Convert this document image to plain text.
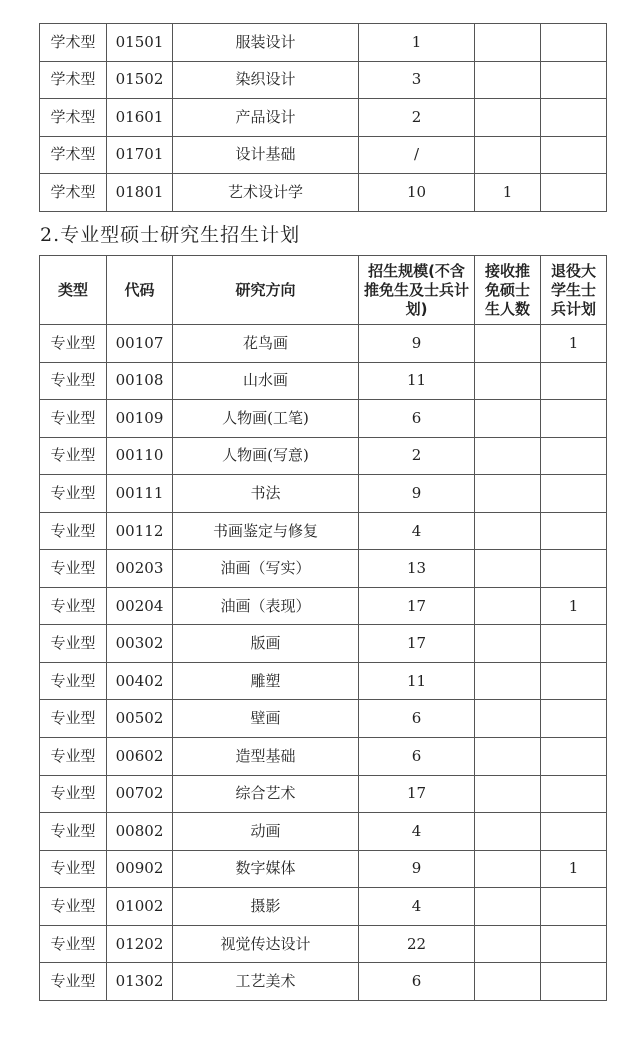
学术型	01501	服装设计	1		
学术型	01502	染织设计	3		
学术型	01601	产品设计	2		
学术型	01701	设计基础	/		
学术型	01801	艺术设计学	10	1	
2.专业型硕士研究生招生计划
类型	代码	研究方向	招生规模(不含推免生及士兵计划)	接收推免硕士生人数	退役大学生士兵计划
专业型	00107	花鸟画	9		1
专业型	00108	山水画	11		
专业型	00109	人物画(工笔)	6		
专业型	00110	人物画(写意)	2		
专业型	00111	书法	9		
专业型	00112	书画鉴定与修复	4		
专业型	00203	油画（写实）	13		
专业型	00204	油画（表现）	17		1
专业型	00302	版画	17		
专业型	00402	雕塑	11		
专业型	00502	壁画	6		
专业型	00602	造型基础	6		
专业型	00702	综合艺术	17		
专业型	00802	动画	4		
专业型	00902	数字媒体	9		1
专业型	01002	摄影	4		
专业型	01202	视觉传达设计	22		
专业型	01302	工艺美术	6		
